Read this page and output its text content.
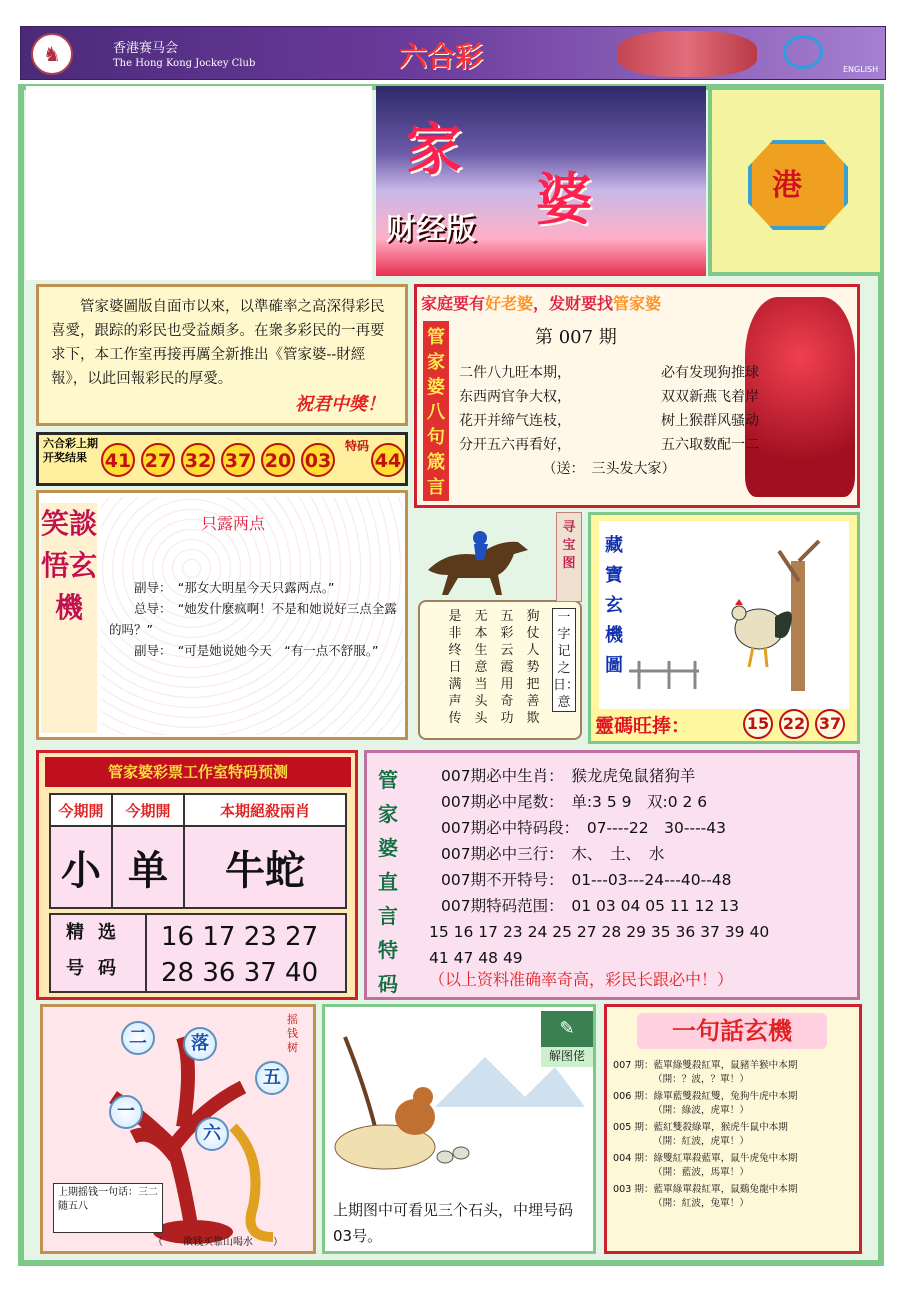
♞	香港赛马会
The Hong Kong Jockey Club	六合彩	ENGLISH
家
婆
财经版
港
管家婆圖版自面市以來，以準確率之高深得彩民喜愛，跟踪的彩民也受益頗多。在衆多彩民的一再要求下，本工作室再接再厲全新推出《管家婆--財經報》，以此回報彩民的厚愛。
祝君中獎！
六合彩上期开奖结果 41 27 32 37 20 03
特码
44
家庭要有好老婆，发财要找管家婆
管家婆八句箴言
第 007 期
二件八九旺本期，	必有发现狗推球
东西两官争大权，	双双新燕飞着岸
花开并缔气连枝，	树上猴群风骚动
分开五六再看好，	五六取数配一二
（送：　三头发大家）
笑談悟玄機
只露两点
副导：　“那女大明星今天只露两点。”
总导：　“她发什麼疯啊！不是和她说好三点全露的吗？”
副导：　“可是她说她今天　“有一点不舒服。”
一字记之日：意
狗仗人势把善欺
五彩云霞用奇功
无本生意当头头
是非终日满声传
寻宝图
藏寶玄機圖
靈碼旺捧：	15 22 37
管家婆彩票工作室特码预测
今期開	今期開	本期絕殺兩肖
小	单	牛蛇
精选号码
16 17 23 27
28 36 37 40
管家婆直言特码
007期必中生肖：　猴龙虎兔鼠猪狗羊
007期必中尾数：　单:3 5 9　双:0 2 6
007期必中特码段：　07----22　30----43
007期必中三行：　木、　土、　水
007期不开特号：　01---03---24---40--48
007期特码范围：　01 03 04 05 11 12 13
15 16 17 23 24 25 27 28 29 35 36 37 39 40
41 47 48 49
（以上资料准确率奇高，彩民长跟必中！）
摇钱树
二	落
五
一
六
上期摇钱一句话：三二随五八
（　　欲钱买靠山喝水　　）
✎
解图佬
上期图中可看见三个石头，中埋号码03号。
一句話玄機
007 期：藍單綠雙殺紅單，鼠豬羊猴中本期
（開：？波，？單！）
006 期：綠單藍雙殺紅雙，兔狗牛虎中本期
（開：綠波，虎單！）
005 期：藍紅雙殺綠單，猴虎牛鼠中本期
（開：紅波，虎單！）
004 期：綠雙紅單殺藍單，鼠牛虎兔中本期
（開：藍波，馬單！）
003 期：藍單綠單殺紅單，鼠鷄兔龍中本期
（開：紅波，兔單！）
